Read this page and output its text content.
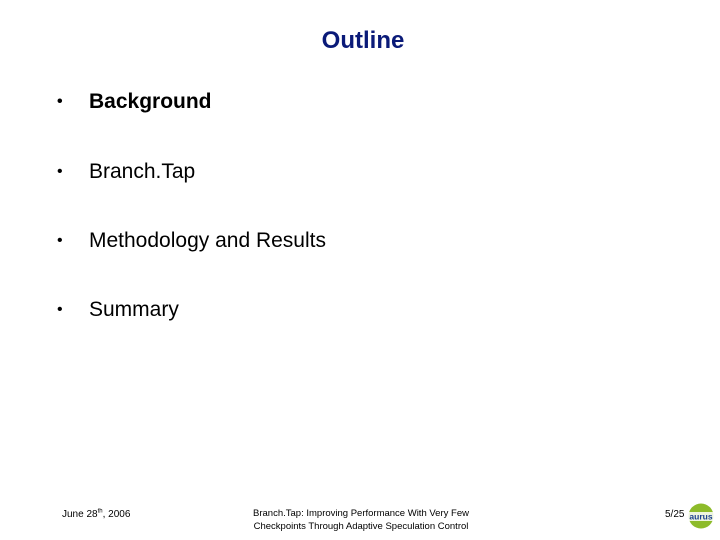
Outline
• Background
• Branch.Tap
• Methodology and Results
• Summary
June 28th, 2006	Branch.Tap: Improving Performance With Very Few
Checkpoints Through Adaptive Speculation Control
5/25 aurus
